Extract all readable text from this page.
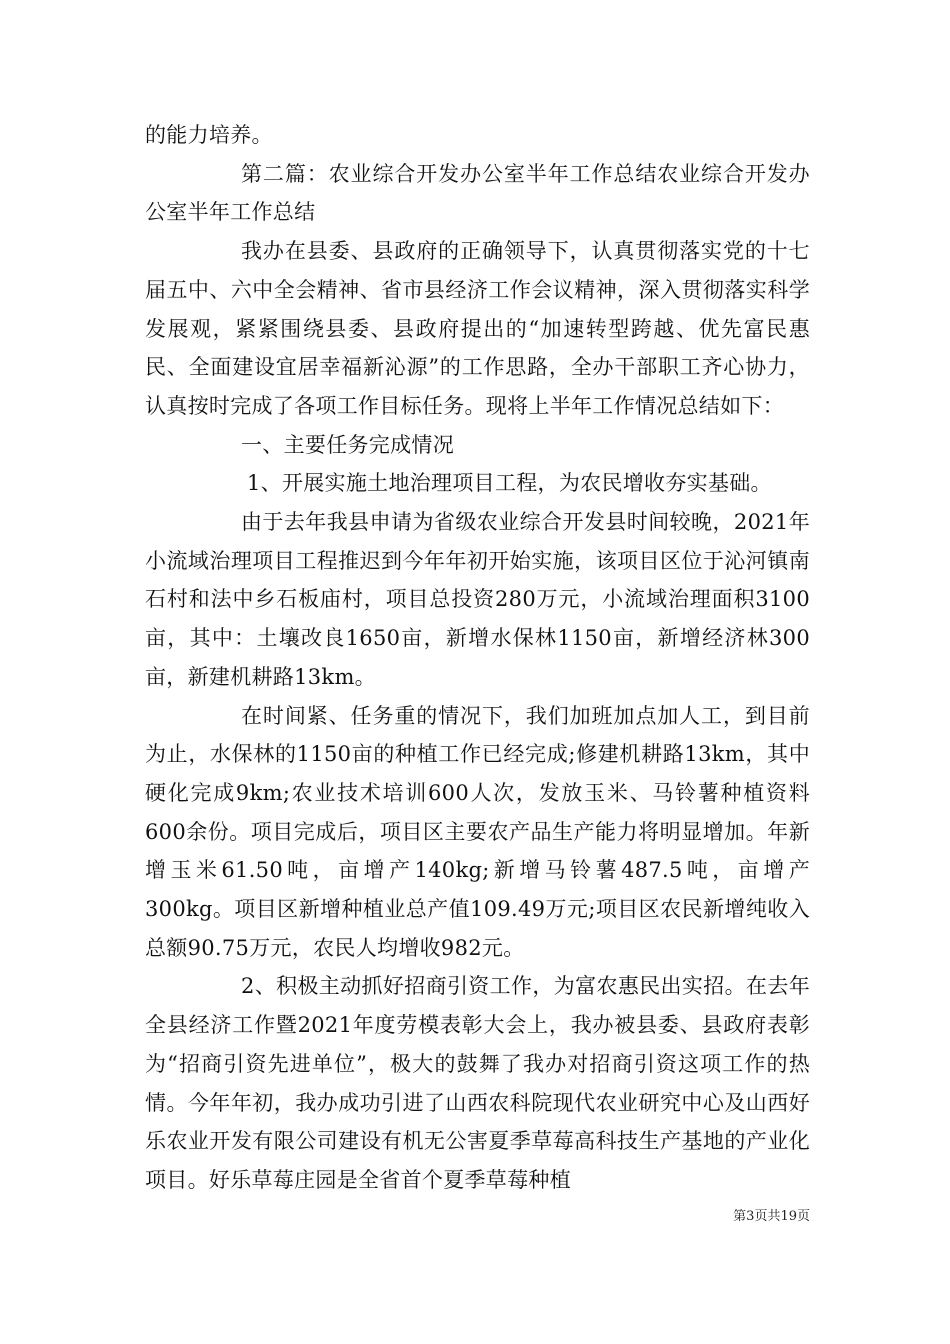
的能力培养。

第二篇：农业综合开发办公室半年工作总结农业综合开发办公室半年工作总结

我办在县委、县政府的正确领导下，认真贯彻落实党的十七届五中、六中全会精神、省市县经济工作会议精神，深入贯彻落实科学发展观，紧紧围绕县委、县政府提出的“加速转型跨越、优先富民惠民、全面建设宜居幸福新沁源”的工作思路，全办干部职工齐心协力，认真按时完成了各项工作目标任务。现将上半年工作情况总结如下：

一、主要任务完成情况

1、开展实施土地治理项目工程，为农民增收夯实基础。

由于去年我县申请为省级农业综合开发县时间较晚，2021年小流域治理项目工程推迟到今年年初开始实施，该项目区位于沁河镇南石村和法中乡石板庙村，项目总投资280万元，小流域治理面积3100亩，其中：土壤改良1650亩，新增水保林1150亩，新增经济林300亩，新建机耕路13km。

在时间紧、任务重的情况下，我们加班加点加人工，到目前为止，水保林的1150亩的种植工作已经完成;修建机耕路13km，其中硬化完成9km;农业技术培训600人次，发放玉米、马铃薯种植资料600余份。项目完成后，项目区主要农产品生产能力将明显增加。年新增玉米61.50吨，亩增产140kg;新增马铃薯487.5吨，亩增产300kg。项目区新增种植业总产值109.49万元;项目区农民新增纯收入总额90.75万元，农民人均增收982元。

2、积极主动抓好招商引资工作，为富农惠民出实招。在去年全县经济工作暨2021年度劳模表彰大会上，我办被县委、县政府表彰为“招商引资先进单位”，极大的鼓舞了我办对招商引资这项工作的热情。今年年初，我办成功引进了山西农科院现代农业研究中心及山西好乐农业开发有限公司建设有机无公害夏季草莓高科技生产基地的产业化项目。好乐草莓庄园是全省首个夏季草莓种植

第3页共19页
